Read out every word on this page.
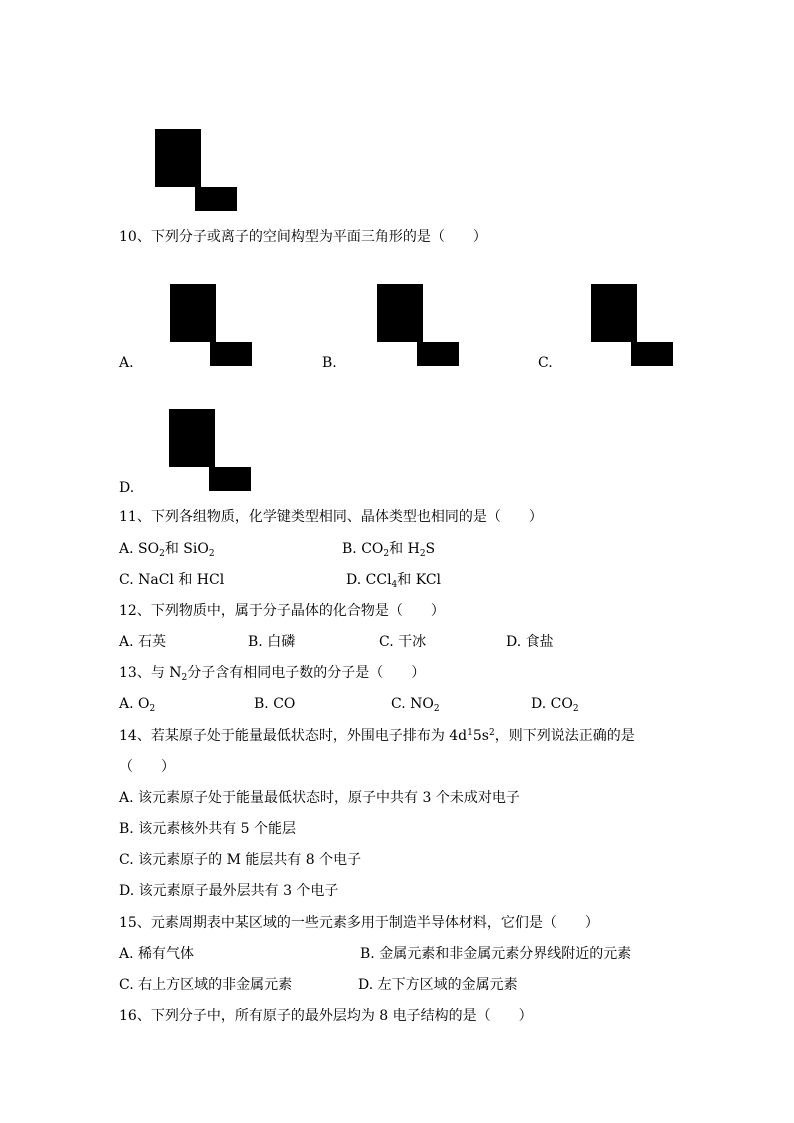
10、下列分子或离子的空间构型为平面三角形的是（　　）
A.	B.	C.
D.
11、下列各组物质，化学键类型相同、晶体类型也相同的是（　　）
A. $SO_2$和 SiO$_2$	B. $CO_2$和 $H_2S$
C. NaCl 和 HCl	D. CCl$_4$和 KCl
12、下列物质中，属于分子晶体的化合物是（　　）
A. 石英	B. 白磷	C. 干冰	D. 食盐
13、与 $N_2$分子含有相同电子数的分子是（　　）
A. $O_2$	B. CO	C. $NO_2$	D. $CO_2$
14、若某原子处于能量最低状态时，外围电子排布为 $4d^15s^2$，则下列说法正确的是
（　　）
A. 该元素原子处于能量最低状态时，原子中共有 3 个未成对电子
B. 该元素核外共有 5 个能层
C. 该元素原子的 M 能层共有 8 个电子
D. 该元素原子最外层共有 3 个电子
15、元素周期表中某区域的一些元素多用于制造半导体材料，它们是（　　）
A. 稀有气体	B. 金属元素和非金属元素分界线附近的元素
C. 右上方区域的非金属元素	D. 左下方区域的金属元素
16、下列分子中，所有原子的最外层均为 8 电子结构的是（　　）
